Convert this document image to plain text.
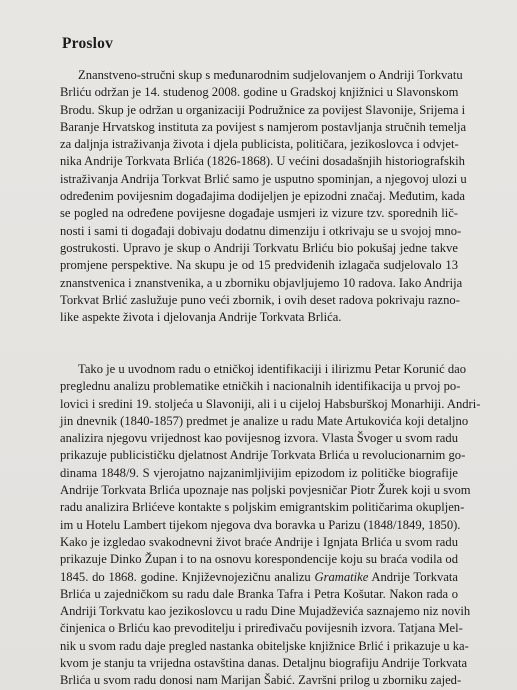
Proslov
Znanstveno-stručni skup s međunarodnim sudjelovanjem o Andriji Torkvatu
Brliću održan je 14. studenog 2008. godine u Gradskoj knjižnici u Slavonskom
Brodu. Skup je održan u organizaciji Podružnice za povijest Slavonije, Srijema i
Baranje Hrvatskog instituta za povijest s namjerom postavljanja stručnih temelja
za daljnja istraživanja života i djela publicista, političara, jezikoslovca i odvjet-
nika Andrije Torkvata Brlića (1826-1868). U većini dosadašnjih historiografskih
istraživanja Andrija Torkvat Brlić samo je usputno spominjan, a njegovoj ulozi u
određenim povijesnim događajima dodijeljen je epizodni značaj. Međutim, kada
se pogled na određene povijesne događaje usmjeri iz vizure tzv. sporednih lič-
nosti i sami ti događaji dobivaju dodatnu dimenziju i otkrivaju se u svojoj mno-
gostrukosti. Upravo je skup o Andriji Torkvatu Brliću bio pokušaj jedne takve
promjene perspektive. Na skupu je od 15 predviđenih izlagača sudjelovalo 13
znanstvenica i znanstvenika, a u zborniku objavljujemo 10 radova. Iako Andrija
Torkvat Brlić zaslužuje puno veći zbornik, i ovih deset radova pokrivaju razno-
like aspekte života i djelovanja Andrije Torkvata Brlića.
Tako je u uvodnom radu o etničkoj identifikaciji i ilirizmu Petar Korunić dao
preglednu analizu problematike etničkih i nacionalnih identifikacija u prvoj po-
lovici i sredini 19. stoljeća u Slavoniji, ali i u cijeloj Habsburškoj Monarhiji. Andri-
jin dnevnik (1840-1857) predmet je analize u radu Mate Artukovića koji detaljno
analizira njegovu vrijednost kao povijesnog izvora. Vlasta Švoger u svom radu
prikazuje publicističku djelatnost Andrije Torkvata Brlića u revolucionarnim go-
dinama 1848/9. S vjerojatno najzanimljivijim epizodom iz političke biografije
Andrije Torkvata Brlića upoznaje nas poljski povjesničar Piotr Žurek koji u svom
radu analizira Brlićeve kontakte s poljskim emigrantskim političarima okupljen-
im u Hotelu Lambert tijekom njegova dva boravka u Parizu (1848/1849, 1850).
Kako je izgledao svakodnevni život braće Andrije i Ignjata Brlića u svom radu
prikazuje Dinko Župan i to na osnovu korespondencije koju su braća vodila od
1845. do 1868. godine. Književnojezičnu analizu Gramatike Andrije Torkvata
Brlića u zajedničkom su radu dale Branka Tafra i Petra Košutar. Nakon rada o
Andriji Torkvatu kao jezikoslovcu u radu Dine Mujadževića saznajemo niz novih
činjenica o Brliću kao prevoditelju i priređivaču povijesnih izvora. Tatjana Mel-
nik u svom radu daje pregled nastanka obiteljske knjižnice Brlić i prikazuje u ka-
kvom je stanju ta vrijedna ostavština danas. Detaljnu biografiju Andrije Torkvata
Brlića u svom radu donosi nam Marijan Šabić. Završni prilog u zborniku zajed-
